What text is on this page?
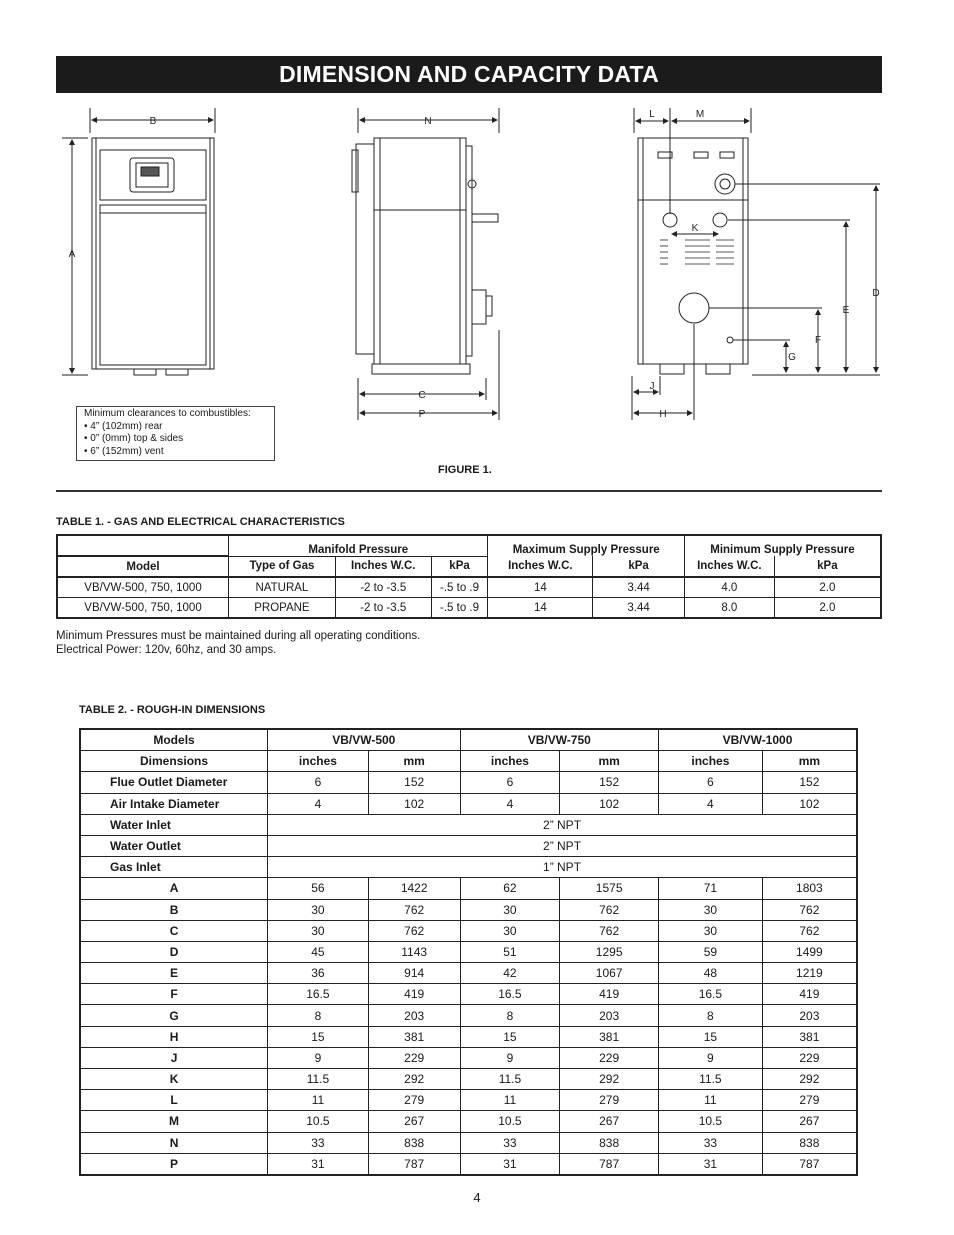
DIMENSION AND CAPACITY DATA
B
A
N
C
P
L	M
K
D
E
F
G
J
H
Minimum clearances to combustibles:
• 4” (102mm) rear
• 0” (0mm) top & sides
• 6” (152mm) vent
FIGURE 1.
TABLE 1. - GAS AND ELECTRICAL CHARACTERISTICS
	Manifold Pressure			Maximum Supply Pressure		Minimum Supply Pressure	
Model	Type of Gas	Inches W.C.	kPa	Inches W.C.	kPa	Inches W.C.	kPa
VB/VW-500, 750, 1000	NATURAL	-2 to -3.5	-.5 to .9	14	3.44	4.0	2.0
VB/VW-500, 750, 1000	PROPANE	-2 to -3.5	-.5 to .9	14	3.44	8.0	2.0
Minimum Pressures must be maintained during all operating conditions.
Electrical Power: 120v, 60hz, and 30 amps.
TABLE 2. - ROUGH-IN DIMENSIONS
Models	VB/VW-500		VB/VW-750		VB/VW-1000	
Dimensions	inches	mm	inches	mm	inches	mm
Flue Outlet Diameter	6	152	6	152	6	152
Air Intake Diameter	4	102	4	102	4	102
Water Inlet	2” NPT					
Water Outlet	2” NPT					
Gas Inlet	1” NPT					
A	56	1422	62	1575	71	1803
B	30	762	30	762	30	762
C	30	762	30	762	30	762
D	45	1143	51	1295	59	1499
E	36	914	42	1067	48	1219
F	16.5	419	16.5	419	16.5	419
G	8	203	8	203	8	203
H	15	381	15	381	15	381
J	9	229	9	229	9	229
K	11.5	292	11.5	292	11.5	292
L	11	279	11	279	11	279
M	10.5	267	10.5	267	10.5	267
N	33	838	33	838	33	838
P	31	787	31	787	31	787
4
